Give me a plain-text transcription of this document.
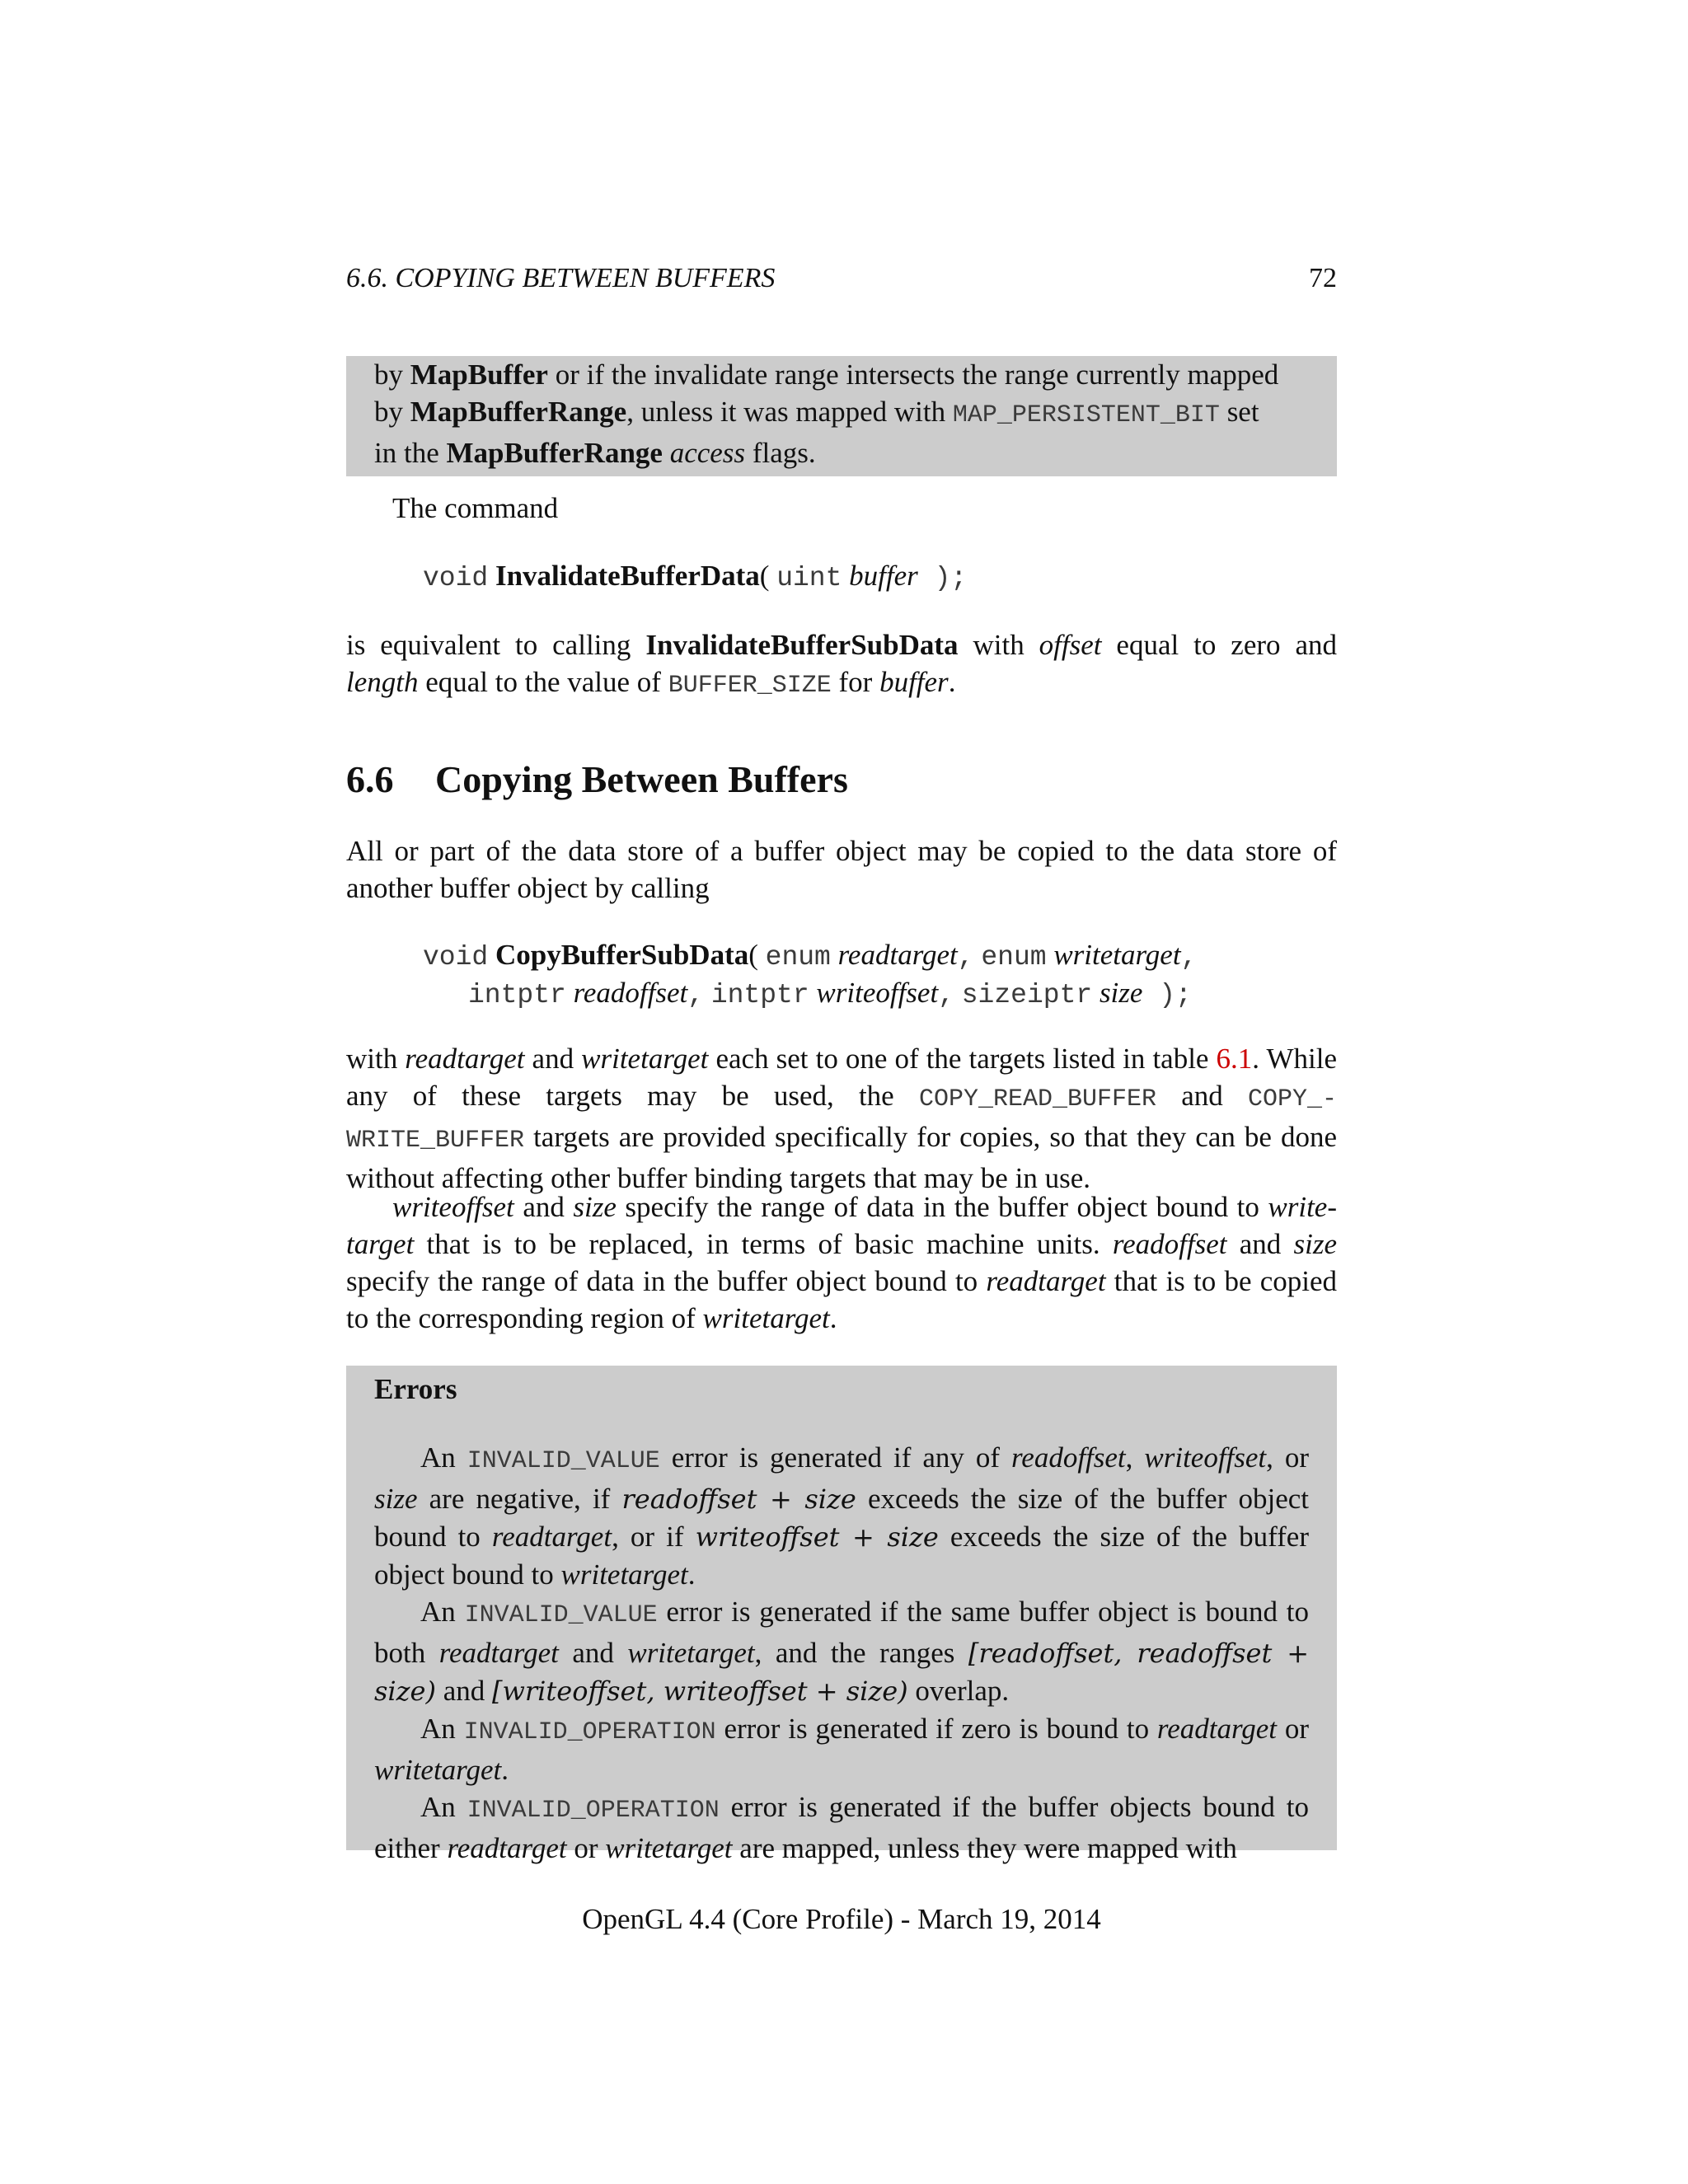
6.6. COPYING BETWEEN BUFFERS	72

by MapBuffer or if the invalidate range intersects the range currently mapped

by MapBufferRange, unless it was mapped with MAP_PERSISTENT_BIT set

in the MapBufferRange access flags.

The command
void InvalidateBufferData( uint buffer );

is equivalent to calling InvalidateBufferSubData with offset equal to zero and length equal to the value of BUFFER_SIZE for buffer.

6.6 Copying Between Buffers

All or part of the data store of a buffer object may be copied to the data store of another buffer object by calling

void CopyBufferSubData( enum readtarget, enum writetarget,
intptr readoffset, intptr writeoffset, sizeiptr size );

with readtarget and writetarget each set to one of the targets listed in table 6.1. While any of these targets may be used, the COPY_READ_BUFFER and COPY_-WRITE_BUFFER targets are provided specifically for copies, so that they can be done without affecting other buffer binding targets that may be in use.

writeoffset and size specify the range of data in the buffer object bound to write-target that is to be replaced, in terms of basic machine units. readoffset and size specify the range of data in the buffer object bound to readtarget that is to be copied to the corresponding region of writetarget.

Errors

An INVALID_VALUE error is generated if any of readoffset, writeoffset, or size are negative, if readoffset + size exceeds the size of the buffer object bound to readtarget, or if writeoffset + size exceeds the size of the buffer object bound to writetarget.

An INVALID_VALUE error is generated if the same buffer object is bound to both readtarget and writetarget, and the ranges [readoffset, readoffset + size) and [writeoffset, writeoffset + size) overlap.

An INVALID_OPERATION error is generated if zero is bound to readtarget or writetarget.

An INVALID_OPERATION error is generated if the buffer objects bound to either readtarget or writetarget are mapped, unless they were mapped with

OpenGL 4.4 (Core Profile) - March 19, 2014
